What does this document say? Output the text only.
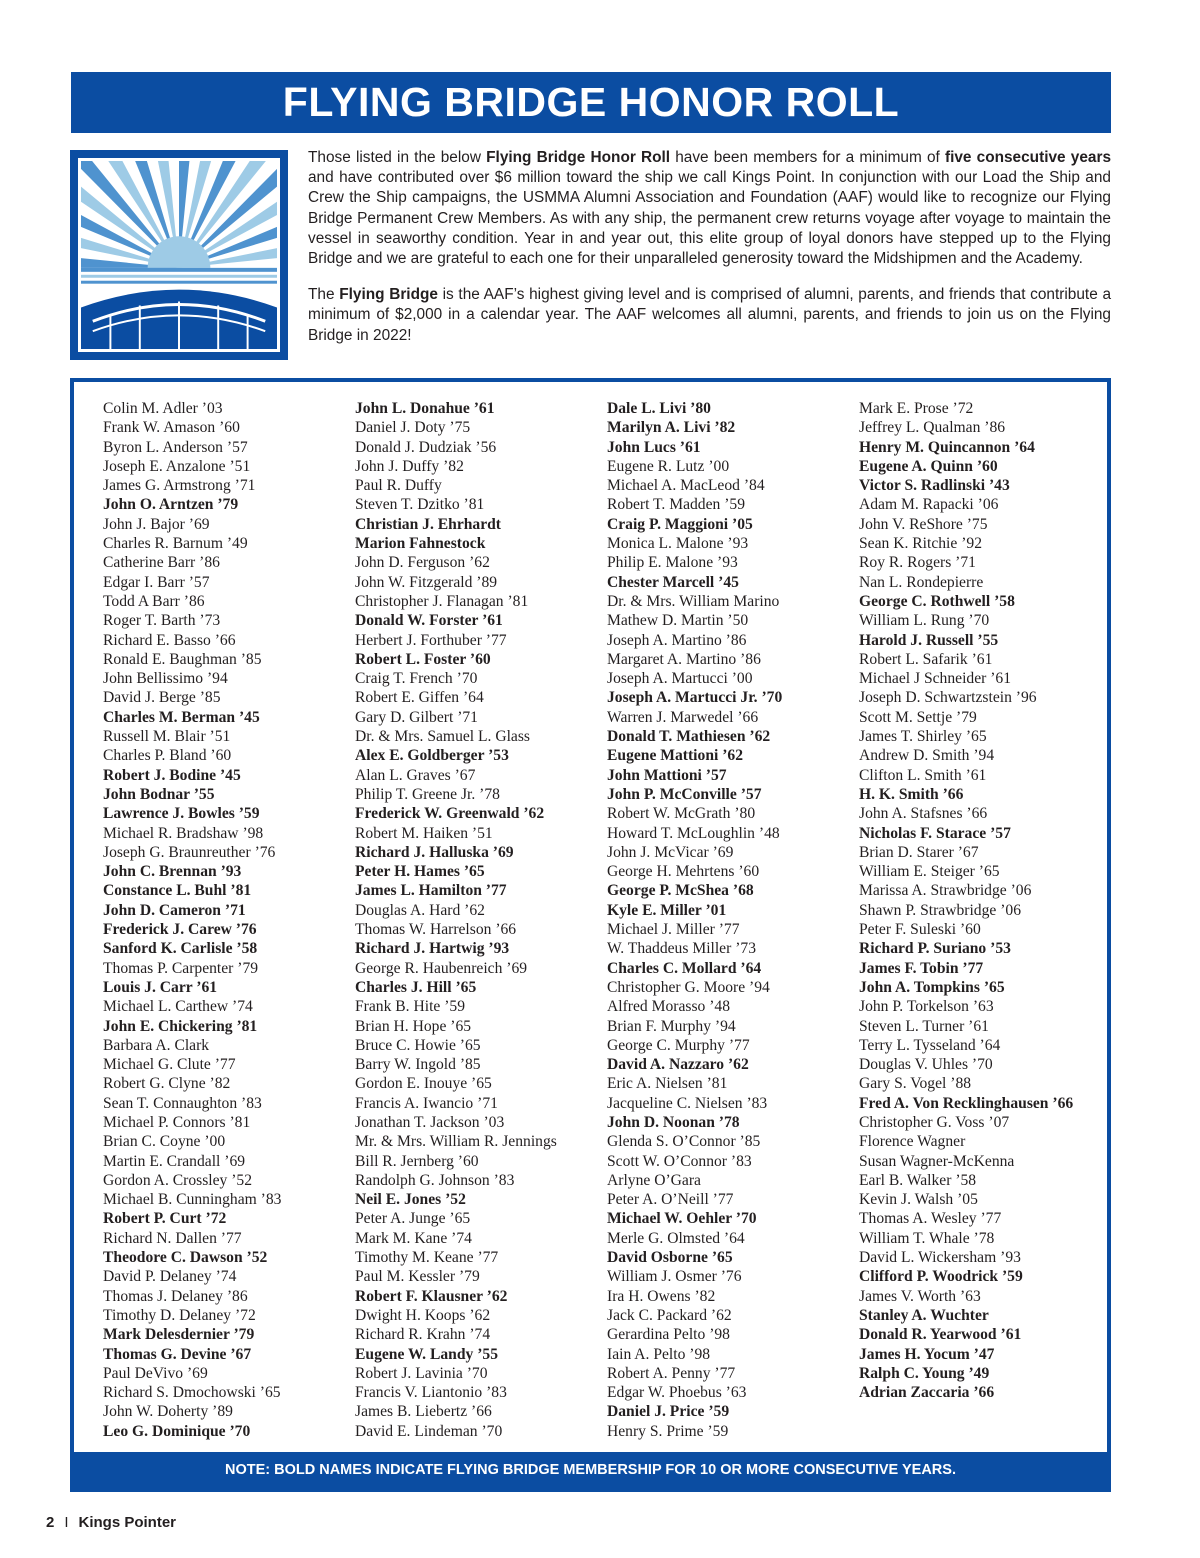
FLYING BRIDGE HONOR ROLL

Those listed in the below Flying Bridge Honor Roll have been members for a minimum of five consecutive years and have contributed over $6 million toward the ship we call Kings Point. In conjunction with our Load the Ship and Crew the Ship campaigns, the USMMA Alumni Association and Foundation (AAF) would like to recognize our Flying Bridge Permanent Crew Members. As with any ship, the permanent crew returns voyage after voyage to maintain the vessel in seaworthy condition. Year in and year out, this elite group of loyal donors have stepped up to the Flying Bridge and we are grateful to each one for their unparalleled generosity toward the Midshipmen and the Academy.

The Flying Bridge is the AAF’s highest giving level and is comprised of alumni, parents, and friends that contribute a minimum of $2,000 in a calendar year. The AAF welcomes all alumni, parents, and friends to join us on the Flying Bridge in 2022!

Colin M. Adler ’03
Frank W. Amason ’60
Byron L. Anderson ’57
Joseph E. Anzalone ’51
James G. Armstrong ’71
John O. Arntzen ’79
John J. Bajor ’69
Charles R. Barnum ’49
Catherine Barr ’86
Edgar I. Barr ’57
Todd A Barr ’86
Roger T. Barth ’73
Richard E. Basso ’66
Ronald E. Baughman ’85
John Bellissimo ’94
David J. Berge ’85
Charles M. Berman ’45
Russell M. Blair ’51
Charles P. Bland ’60
Robert J. Bodine ’45
John Bodnar ’55
Lawrence J. Bowles ’59
Michael R. Bradshaw ’98
Joseph G. Braunreuther ’76
John C. Brennan ’93
Constance L. Buhl ’81
John D. Cameron ’71
Frederick J. Carew ’76
Sanford K. Carlisle ’58
Thomas P. Carpenter ’79
Louis J. Carr ’61
Michael L. Carthew ’74
John E. Chickering ’81
Barbara A. Clark
Michael G. Clute ’77
Robert G. Clyne ’82
Sean T. Connaughton ’83
Michael P. Connors ’81
Brian C. Coyne ’00
Martin E. Crandall ’69
Gordon A. Crossley ’52
Michael B. Cunningham ’83
Robert P. Curt ’72
Richard N. Dallen ’77
Theodore C. Dawson ’52
David P. Delaney ’74
Thomas J. Delaney ’86
Timothy D. Delaney ’72
Mark Delesdernier ’79
Thomas G. Devine ’67
Paul DeVivo ’69
Richard S. Dmochowski ’65
John W. Doherty ’89
Leo G. Dominique ’70
John L. Donahue ’61
Daniel J. Doty ’75
Donald J. Dudziak ’56
John J. Duffy ’82
Paul R. Duffy
Steven T. Dzitko ’81
Christian J. Ehrhardt
Marion Fahnestock
John D. Ferguson ’62
John W. Fitzgerald ’89
Christopher J. Flanagan ’81
Donald W. Forster ’61
Herbert J. Forthuber ’77
Robert L. Foster ’60
Craig T. French ’70
Robert E. Giffen ’64
Gary D. Gilbert ’71
Dr. & Mrs. Samuel L. Glass
Alex E. Goldberger ’53
Alan L. Graves ’67
Philip T. Greene Jr. ’78
Frederick W. Greenwald ’62
Robert M. Haiken ’51
Richard J. Halluska ’69
Peter H. Hames ’65
James L. Hamilton ’77
Douglas A. Hard ’62
Thomas W. Harrelson ’66
Richard J. Hartwig ’93
George R. Haubenreich ’69
Charles J. Hill ’65
Frank B. Hite ’59
Brian H. Hope ’65
Bruce C. Howie ’65
Barry W. Ingold ’85
Gordon E. Inouye ’65
Francis A. Iwancio ’71
Jonathan T. Jackson ’03
Mr. & Mrs. William R. Jennings
Bill R. Jernberg ’60
Randolph G. Johnson ’83
Neil E. Jones ’52
Peter A. Junge ’65
Mark M. Kane ’74
Timothy M. Keane ’77
Paul M. Kessler ’79
Robert F. Klausner ’62
Dwight H. Koops ’62
Richard R. Krahn ’74
Eugene W. Landy ’55
Robert J. Lavinia ’70
Francis V. Liantonio ’83
James B. Liebertz ’66
David E. Lindeman ’70
Dale L. Livi ’80
Marilyn A. Livi ’82
John Lucs ’61
Eugene R. Lutz ’00
Michael A. MacLeod ’84
Robert T. Madden ’59
Craig P. Maggioni ’05
Monica L. Malone ’93
Philip E. Malone ’93
Chester Marcell ’45
Dr. & Mrs. William Marino
Mathew D. Martin ’50
Joseph A. Martino ’86
Margaret A. Martino ’86
Joseph A. Martucci ’00
Joseph A. Martucci Jr. ’70
Warren J. Marwedel ’66
Donald T. Mathiesen ’62
Eugene Mattioni ’62
John Mattioni ’57
John P. McConville ’57
Robert W. McGrath ’80
Howard T. McLoughlin ’48
John J. McVicar ’69
George H. Mehrtens ’60
George P. McShea ’68
Kyle E. Miller ’01
Michael J. Miller ’77
W. Thaddeus Miller ’73
Charles C. Mollard ’64
Christopher G. Moore ’94
Alfred Morasso ’48
Brian F. Murphy ’94
George C. Murphy ’77
David A. Nazzaro ’62
Eric A. Nielsen ’81
Jacqueline C. Nielsen ’83
John D. Noonan ’78
Glenda S. O’Connor ’85
Scott W. O’Connor ’83
Arlyne O’Gara
Peter A. O’Neill ’77
Michael W. Oehler ’70
Merle G. Olmsted ’64
David Osborne ’65
William J. Osmer ’76
Ira H. Owens ’82
Jack C. Packard ’62
Gerardina Pelto ’98
Iain A. Pelto ’98
Robert A. Penny ’77
Edgar W. Phoebus ’63
Daniel J. Price ’59
Henry S. Prime ’59
Mark E. Prose ’72
Jeffrey L. Qualman ’86
Henry M. Quincannon ’64
Eugene A. Quinn ’60
Victor S. Radlinski ’43
Adam M. Rapacki ’06
John V. ReShore ’75
Sean K. Ritchie ’92
Roy R. Rogers ’71
Nan L. Rondepierre
George C. Rothwell ’58
William L. Rung ’70
Harold J. Russell ’55
Robert L. Safarik ’61
Michael J Schneider ’61
Joseph D. Schwartzstein ’96
Scott M. Settje ’79
James T. Shirley ’65
Andrew D. Smith ’94
Clifton L. Smith ’61
H. K. Smith ’66
John A. Stafsnes ’66
Nicholas F. Starace ’57
Brian D. Starer ’67
William E. Steiger ’65
Marissa A. Strawbridge ’06
Shawn P. Strawbridge ’06
Peter F. Suleski ’60
Richard P. Suriano ’53
James F. Tobin ’77
John A. Tompkins ’65
John P. Torkelson ’63
Steven L. Turner ’61
Terry L. Tysseland ’64
Douglas V. Uhles ’70
Gary S. Vogel ’88
Fred A. Von Recklinghausen ’66
Christopher G. Voss ’07
Florence Wagner
Susan Wagner-McKenna
Earl B. Walker ’58
Kevin J. Walsh ’05
Thomas A. Wesley ’77
William T. Whale ’78
David L. Wickersham ’93
Clifford P. Woodrick ’59
James V. Worth ’63
Stanley A. Wuchter
Donald R. Yearwood ’61
James H. Yocum ’47
Ralph C. Young ’49
Adrian Zaccaria ’66
NOTE: BOLD NAMES INDICATE FLYING BRIDGE MEMBERSHIP FOR 10 OR MORE CONSECUTIVE YEARS.
2 I Kings Pointer
